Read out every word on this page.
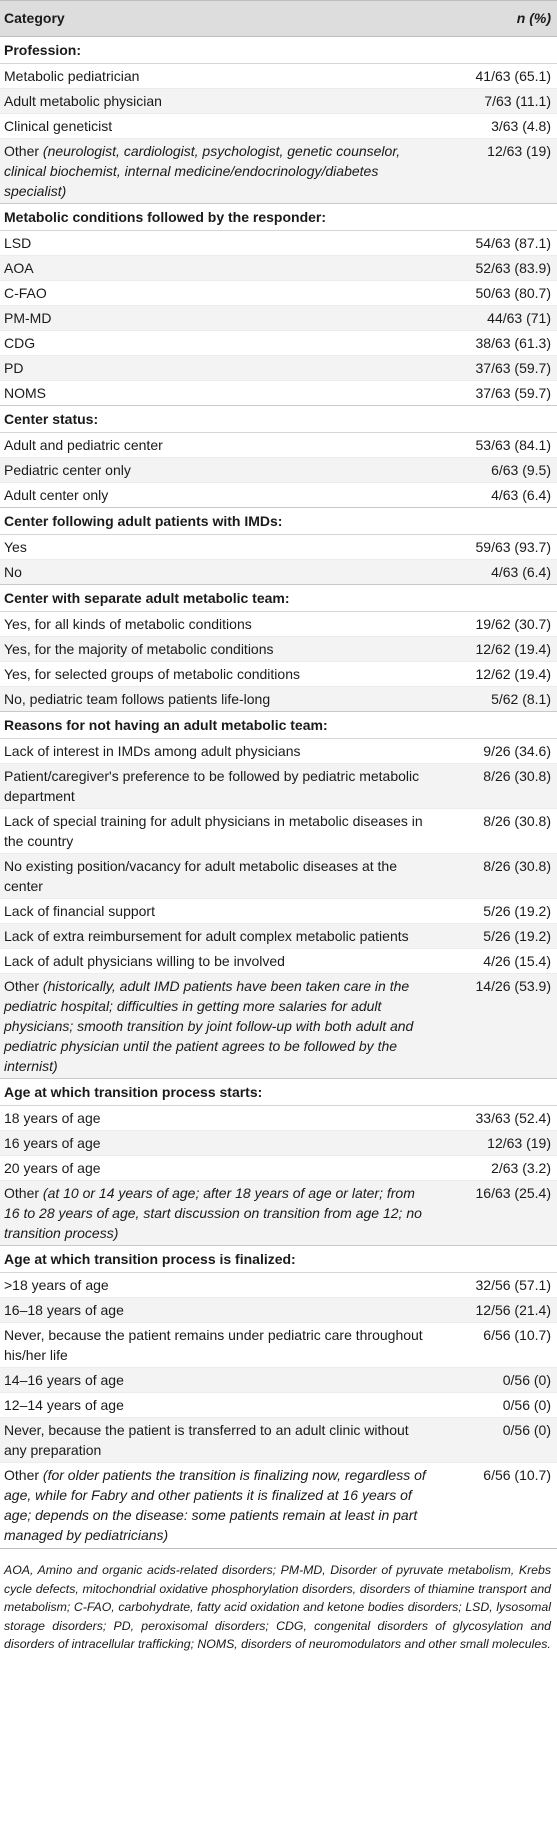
Category	n (%)
Profession:	
Metabolic pediatrician	41/63 (65.1)
Adult metabolic physician	7/63 (11.1)
Clinical geneticist	3/63 (4.8)
Other (neurologist, cardiologist, psychologist, genetic counselor, clinical biochemist, internal medicine/endocrinology/diabetes specialist)	12/63 (19)
Metabolic conditions followed by the responder:	
LSD	54/63 (87.1)
AOA	52/63 (83.9)
C-FAO	50/63 (80.7)
PM-MD	44/63 (71)
CDG	38/63 (61.3)
PD	37/63 (59.7)
NOMS	37/63 (59.7)
Center status:	
Adult and pediatric center	53/63 (84.1)
Pediatric center only	6/63 (9.5)
Adult center only	4/63 (6.4)
Center following adult patients with IMDs:	
Yes	59/63 (93.7)
No	4/63 (6.4)
Center with separate adult metabolic team:	
Yes, for all kinds of metabolic conditions	19/62 (30.7)
Yes, for the majority of metabolic conditions	12/62 (19.4)
Yes, for selected groups of metabolic conditions	12/62 (19.4)
No, pediatric team follows patients life-long	5/62 (8.1)
Reasons for not having an adult metabolic team:	
Lack of interest in IMDs among adult physicians	9/26 (34.6)
Patient/caregiver's preference to be followed by pediatric metabolic department	8/26 (30.8)
Lack of special training for adult physicians in metabolic diseases in the country	8/26 (30.8)
No existing position/vacancy for adult metabolic diseases at the center	8/26 (30.8)
Lack of financial support	5/26 (19.2)
Lack of extra reimbursement for adult complex metabolic patients	5/26 (19.2)
Lack of adult physicians willing to be involved	4/26 (15.4)
Other (historically, adult IMD patients have been taken care in the pediatric hospital; difficulties in getting more salaries for adult physicians; smooth transition by joint follow-up with both adult and pediatric physician until the patient agrees to be followed by the internist)	14/26 (53.9)
Age at which transition process starts:	
18 years of age	33/63 (52.4)
16 years of age	12/63 (19)
20 years of age	2/63 (3.2)
Other (at 10 or 14 years of age; after 18 years of age or later; from 16 to 28 years of age, start discussion on transition from age 12; no transition process)	16/63 (25.4)
Age at which transition process is finalized:	
>18 years of age	32/56 (57.1)
16–18 years of age	12/56 (21.4)
Never, because the patient remains under pediatric care throughout his/her life	6/56 (10.7)
14–16 years of age	0/56 (0)
12–14 years of age	0/56 (0)
Never, because the patient is transferred to an adult clinic without any preparation	0/56 (0)
Other (for older patients the transition is finalizing now, regardless of age, while for Fabry and other patients it is finalized at 16 years of age; depends on the disease: some patients remain at least in part managed by pediatricians)	6/56 (10.7)
AOA, Amino and organic acids-related disorders; PM-MD, Disorder of pyruvate metabolism, Krebs cycle defects, mitochondrial oxidative phosphorylation disorders, disorders of thiamine transport and metabolism; C-FAO, carbohydrate, fatty acid oxidation and ketone bodies disorders; LSD, lysosomal storage disorders; PD, peroxisomal disorders; CDG, congenital disorders of glycosylation and disorders of intracellular trafficking; NOMS, disorders of neuromodulators and other small molecules.
